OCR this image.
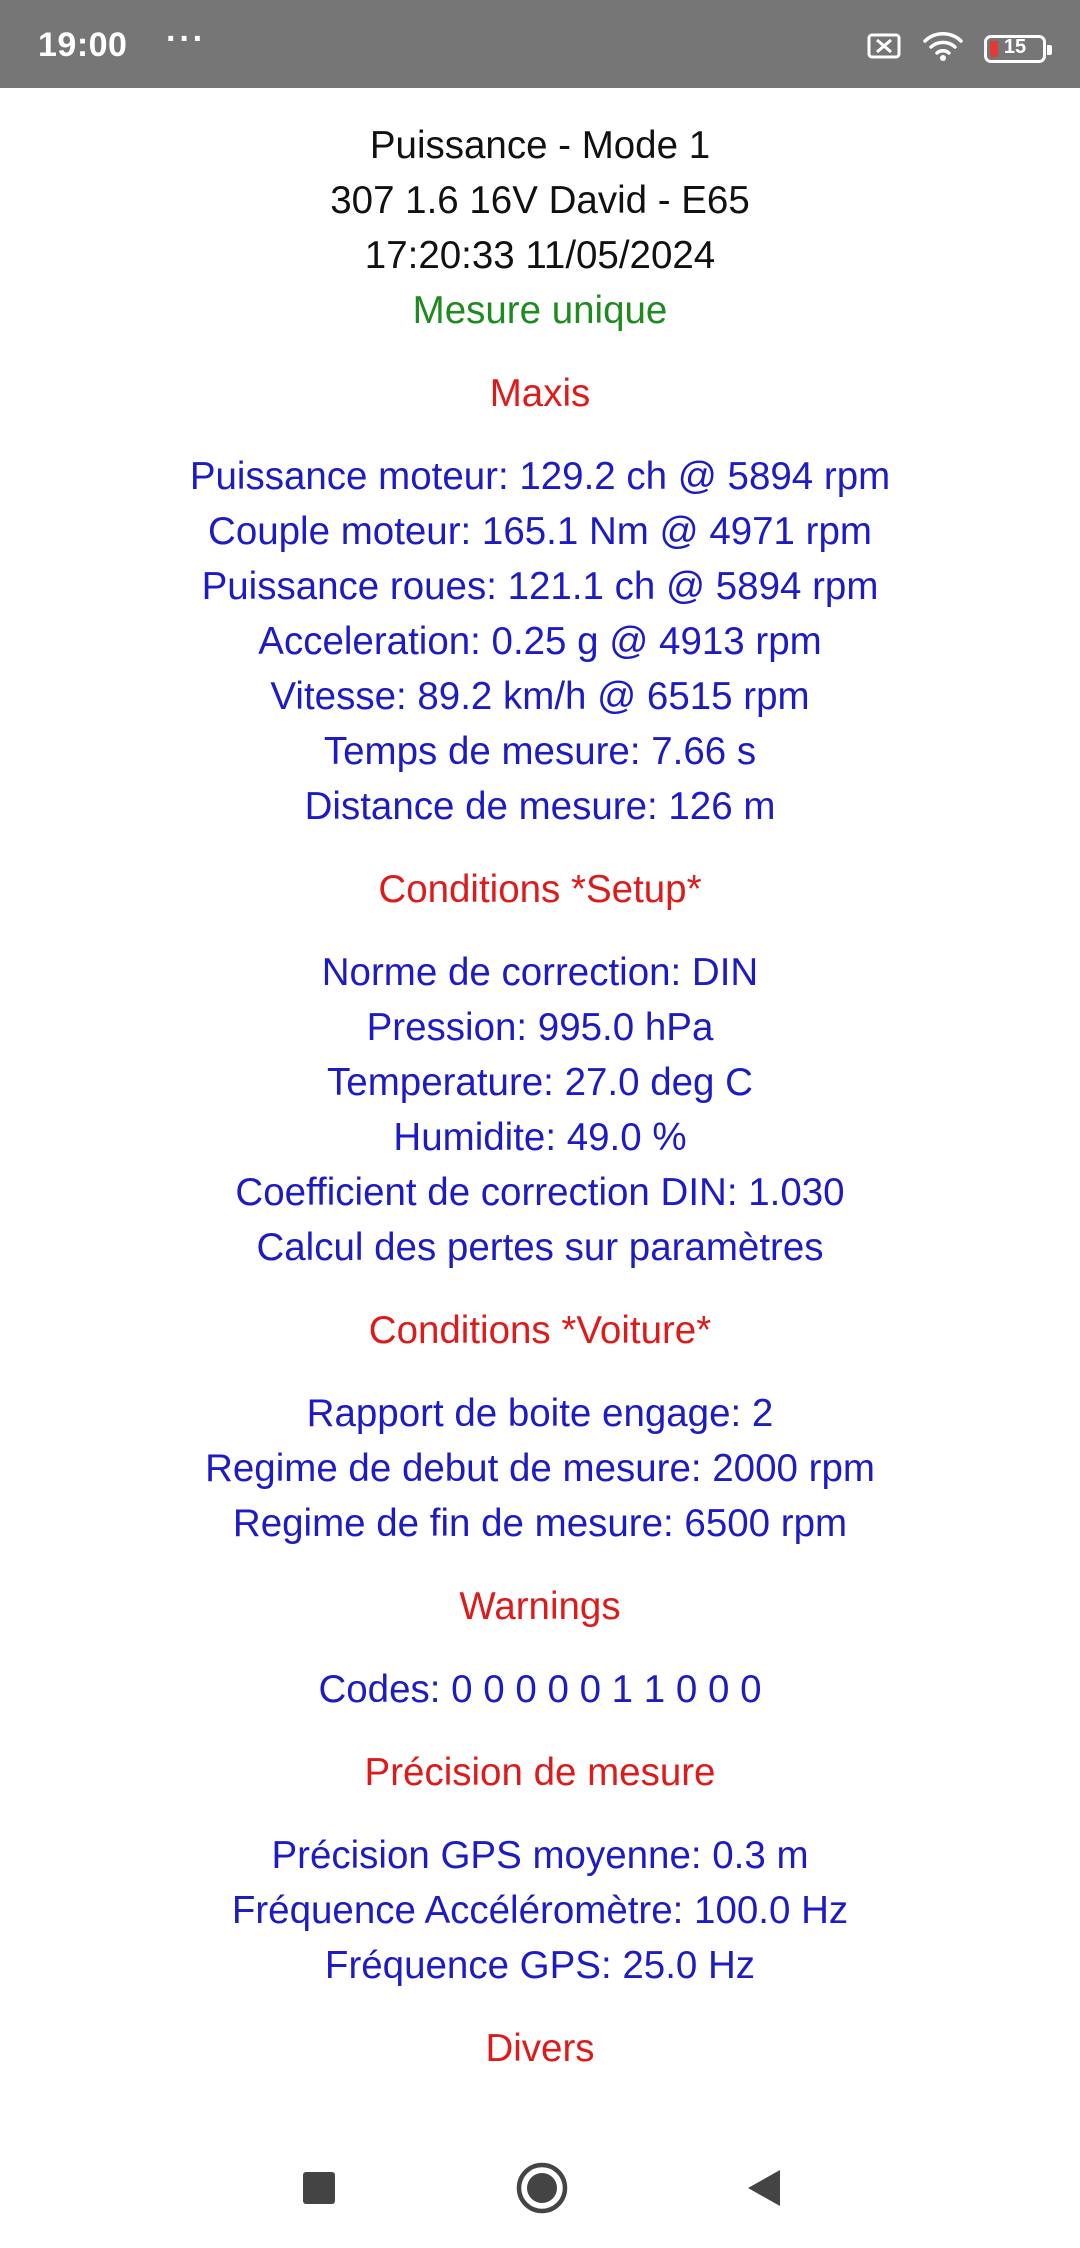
19:00 ···	15

Puissance - Mode 1

307 1.6 16V David - E65

17:20:33 11/05/2024

Mesure unique

Maxis

Puissance moteur: 129.2 ch @ 5894 rpm

Couple moteur: 165.1 Nm @ 4971 rpm

Puissance roues: 121.1 ch @ 5894 rpm

Acceleration: 0.25 g @ 4913 rpm

Vitesse: 89.2 km/h @ 6515 rpm

Temps de mesure: 7.66 s

Distance de mesure: 126 m

Conditions *Setup*

Norme de correction: DIN

Pression: 995.0 hPa

Temperature: 27.0 deg C

Humidite: 49.0 %

Coefficient de correction DIN: 1.030

Calcul des pertes sur paramètres

Conditions *Voiture*

Rapport de boite engage: 2

Regime de debut de mesure: 2000 rpm

Regime de fin de mesure: 6500 rpm

Warnings

Codes: 0 0 0 0 0 1 1 0 0 0

Précision de mesure

Précision GPS moyenne: 0.3 m

Fréquence Accéléromètre: 100.0 Hz

Fréquence GPS: 25.0 Hz

Divers
